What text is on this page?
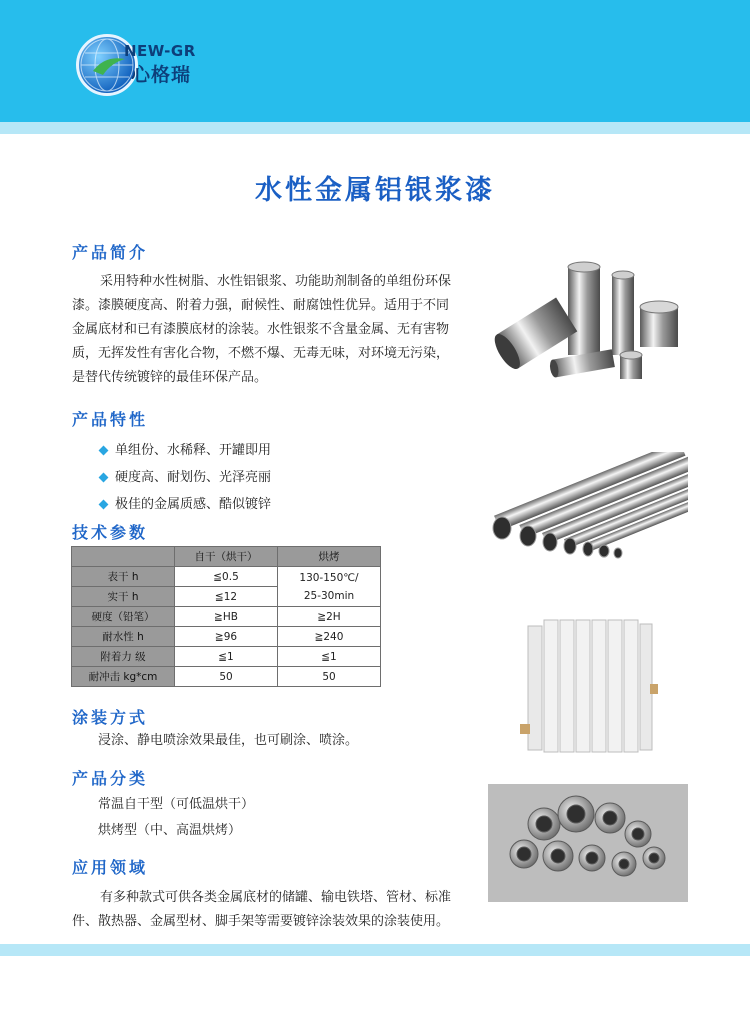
NEW-GR
心格瑞
水性金属铝银浆漆
产品简介
采用特种水性树脂、水性铝银浆、功能助剂制备的单组份环保
漆。漆膜硬度高、附着力强，耐候性、耐腐蚀性优异。适用于不同
金属底材和已有漆膜底材的涂装。水性银浆不含量金属、无有害物
质，无挥发性有害化合物，不燃不爆、无毒无味，对环境无污染，
是替代传统镀锌的最佳环保产品。
产品特性
单组份、水稀释、开罐即用
硬度高、耐划伤、光泽亮丽
极佳的金属质感、酷似镀锌
技术参数
	自干（烘干）	烘烤
表干 h	≦0.5	130-150℃/
25-30min

实干 h	≦12	
硬度（铅笔）	≧HB	≧2H
耐水性 h	≧96	≧240
附着力 级	≦1	≦1
耐冲击 kg*cm	50	50
涂装方式
浸涂、静电喷涂效果最佳，也可刷涂、喷涂。
产品分类
常温自干型（可低温烘干）
烘烤型（中、高温烘烤）
应用领域
有多种款式可供各类金属底材的储罐、输电铁塔、管材、标准
件、散热器、金属型材、脚手架等需要镀锌涂装效果的涂装使用。
